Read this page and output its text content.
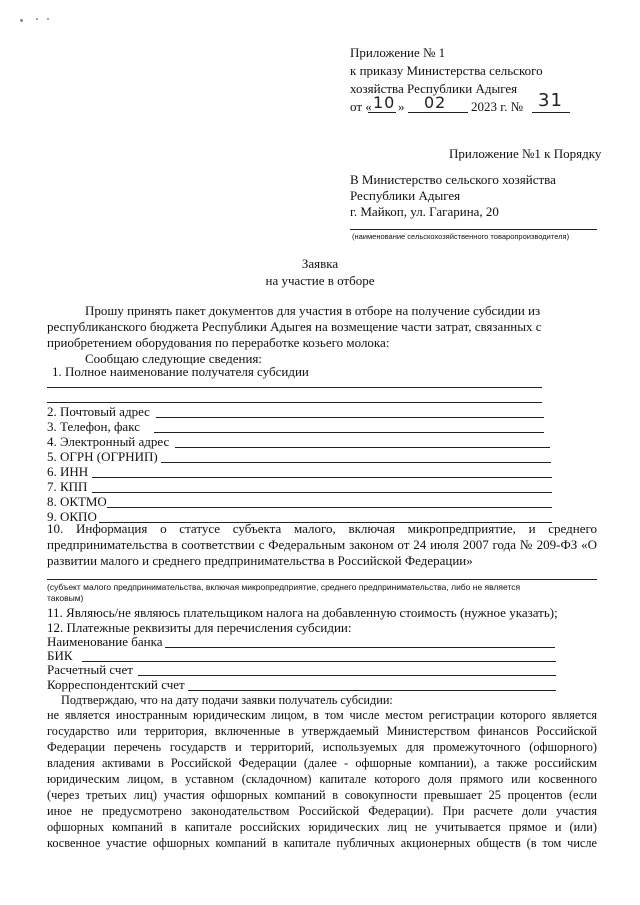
Приложение № 1
к приказу Министерства сельского
хозяйства Республики Адыгея
от « 10 » 02 2023 г. № 31
Приложение №1 к Порядку
В Министерство сельского хозяйства
Республики Адыгея
г. Майкоп, ул. Гагарина, 20
(наименование сельскохозяйственного товаропроизводителя)
Заявка
на участие в отборе
Прошу принять пакет документов для участия в отборе на получение субсидии из
республиканского бюджета Республики Адыгея на возмещение части затрат, связанных с
приобретением оборудования по переработке козьего молока:
Сообщаю следующие сведения:
1. Полное наименование получателя субсидии
2. Почтовый адрес
3. Телефон, факс
4. Электронный адрес
5. ОГРН (ОГРНИП)
6. ИНН
7. КПП
8. ОКТМО
9. ОКПО
10. Информация о статусе субъекта малого, включая микропредприятие, и среднего
предпринимательства в соответствии с Федеральным законом от 24 июля 2007 года № 209-ФЗ «О
развитии малого и среднего предпринимательства в Российской Федерации»
(субъект малого предпринимательства, включая микропредприятие, среднего предпринимательства, либо не является
таковым)
11. Являюсь/не являюсь плательщиком налога на добавленную стоимость (нужное указать);
12. Платежные реквизиты для перечисления субсидии:
Наименование банка
БИК
Расчетный счет
Корреспондентский счет
Подтверждаю, что на дату подачи заявки получатель субсидии:
не является иностранным юридическим лицом, в том числе местом регистрации которого является
государство или территория, включенные в утверждаемый Министерством финансов Российской
Федерации перечень государств и территорий, используемых для промежуточного (офшорного)
владения активами в Российской Федерации (далее - офшорные компании), а также российским
юридическим лицом, в уставном (складочном) капитале которого доля прямого или косвенного
(через третьих лиц) участия офшорных компаний в совокупности превышает 25 процентов (если
иное не предусмотрено законодательством Российской Федерации). При расчете доли участия
офшорных компаний в капитале российских юридических лиц не учитывается прямое и (или)
косвенное участие офшорных компаний в капитале публичных акционерных обществ (в том числе
